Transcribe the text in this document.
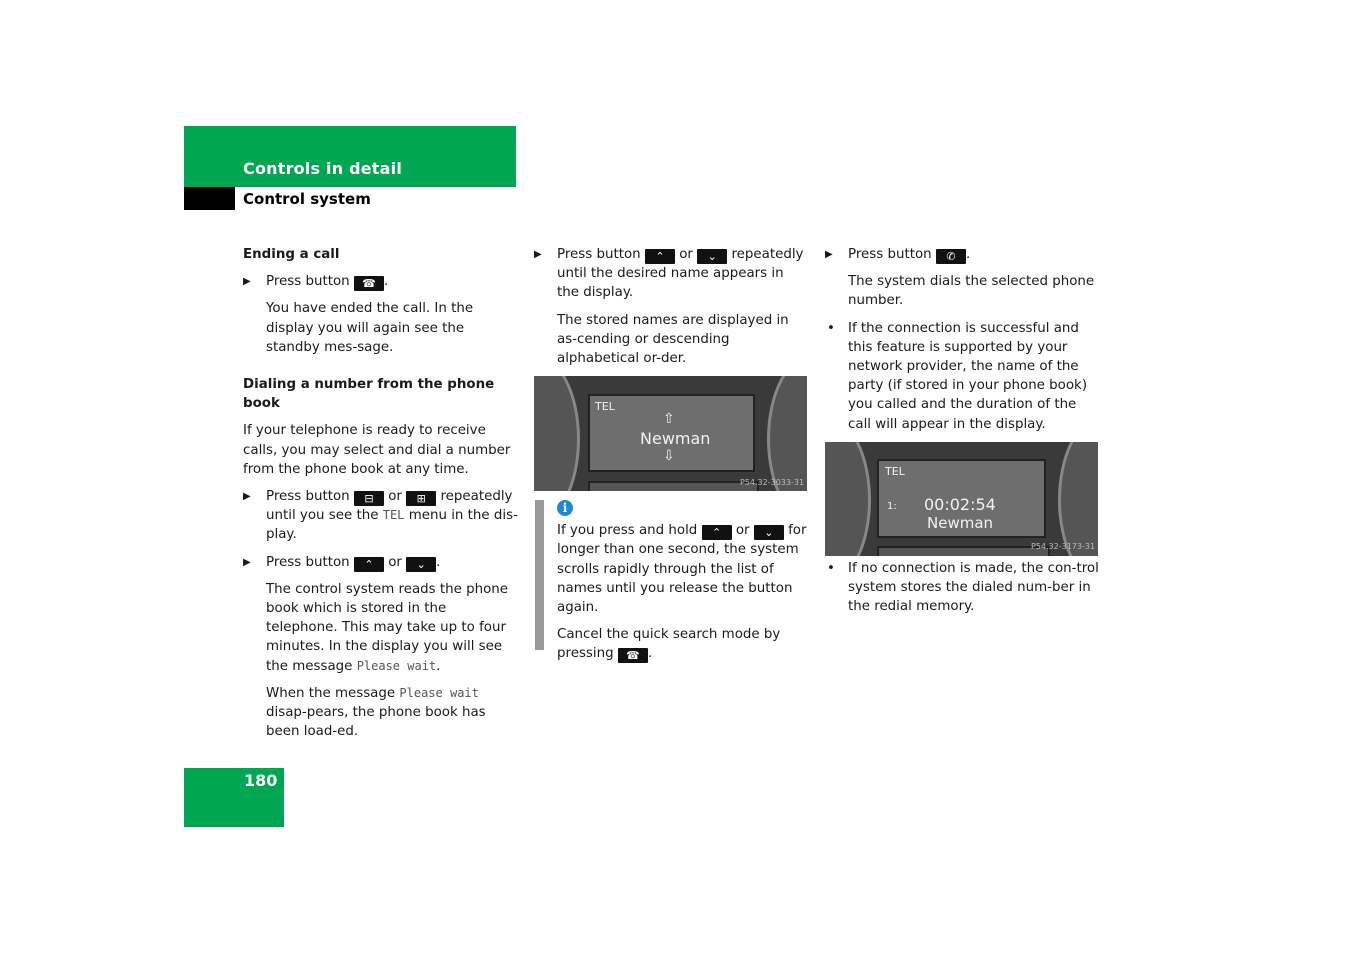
Controls in detail
Control system
Ending a call
▶ Press button ☎ .

You have ended the call. In the display you will again see the standby mes-sage.

Dialing a number from the phone book

If your telephone is ready to receive calls, you may select and dial a number from the phone book at any time.

▶ Press button ⊟ or ⊞ repeatedly until you see the TEL menu in the dis-play.
▶ Press button ⌃ or ⌄ .

The control system reads the phone book which is stored in the telephone. This may take up to four minutes. In the display you will see the message Please wait.

When the message Please wait disap-pears, the phone book has been load-ed.

▶ Press button ⌃ or ⌄ repeatedly until the desired name appears in the display.

The stored names are displayed in as-cending or descending alphabetical or-der.

TEL
⇧
Newman
⇩
P54.32-3033-31
i

If you press and hold ⌃ or ⌄ for longer than one second, the system scrolls rapidly through the list of names until you release the button again.

Cancel the quick search mode by pressing ☎ .

▶ Press button ✆ .

The system dials the selected phone number.

• If the connection is successful and this feature is supported by your network provider, the name of the party (if stored in your phone book) you called and the duration of the call will appear in the display.
TEL
1: 00:02:54
Newman
P54.32-3173-31
• If no connection is made, the con-trol system stores the dialed num-ber in the redial memory.
180
